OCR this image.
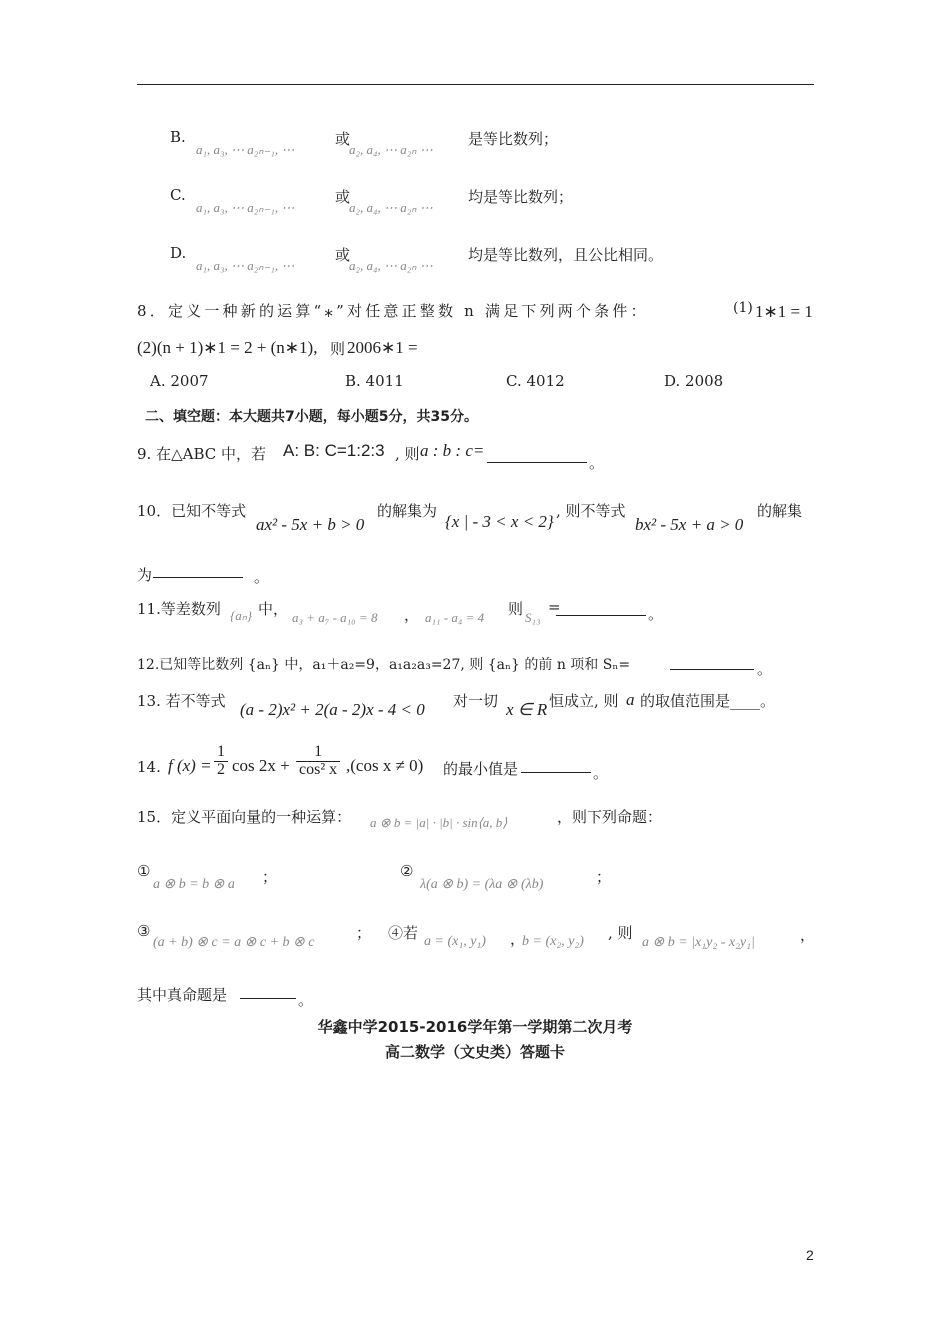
B.
a₁, a₃, ⋯ a₂ₙ₋₁, ⋯
或
a₂, a₄, ⋯ a₂ₙ ⋯
是等比数列；
C.
a₁, a₃, ⋯ a₂ₙ₋₁, ⋯
或
a₂, a₄, ⋯ a₂ₙ ⋯
均是等比数列；
D.
a₁, a₃, ⋯ a₂ₙ₋₁, ⋯
或
a₂, a₄, ⋯ a₂ₙ ⋯
均是等比数列，且公比相同。
8．定义一种新的运算“⁎”对任意正整数 n 满足下列两个条件：	(1) 1∗1 = 1
(2)(n + 1)∗1 = 2 + (n∗1), 则 2006∗1 =
A. 2007	B. 4011	C. 4012	D. 2008
二、填空题：本大题共7小题，每小题5分，共35分。
9. 在△ABC 中，若 A: B: C=1:2:3 , 则 a : b : c=
。
10．已知不等式
ax² - 5x + b > 0
的解集为
{x | - 3 < x < 2}
, 则不等式
bx² - 5x + a > 0
的解集
为	。
11.等差数列 {aₙ} 中， a₃ + a₇ - a₁₀ = 8 ， a₁₁ - a₄ = 4 则 S₁₃
=	。
12.已知等比数列 {aₙ} 中，a₁＋a₂=9，a₁a₂a₃=27, 则 {aₙ} 的前 n 项和 Sₙ=	。
13. 若不等式 (a - 2)x² + 2(a - 2)x - 4 < 0 对一切 x ∈ R 恒成立, 则 a 的取值范围是____。
14. f $(x) = \frac{1}{2}$ $\cos 2x + \frac{1}{\text{cos² x}} ,(\cos$ x ≠ 0) 的最小值是	。
15．定义平面向量的一种运算： a ⊗ b = |a| · |b| · sin⟨a, b⟩	，则下列命题：
①
a ⊗ b = b ⊗ a ；	②
λ(a ⊗ b) = (λa ⊗ (λb)	；
③
(a + b) ⊗ c = a ⊗ c + b ⊗ c
； ④若 a = (x₁, y₁) ，
b = (x₂, y₂) , 则
a ⊗ b = |x₁y₂ - x₂y₁|	，
其中真命题是	。
华鑫中学2015-2016学年第一学期第二次月考
高二数学（文史类）答题卡
2
